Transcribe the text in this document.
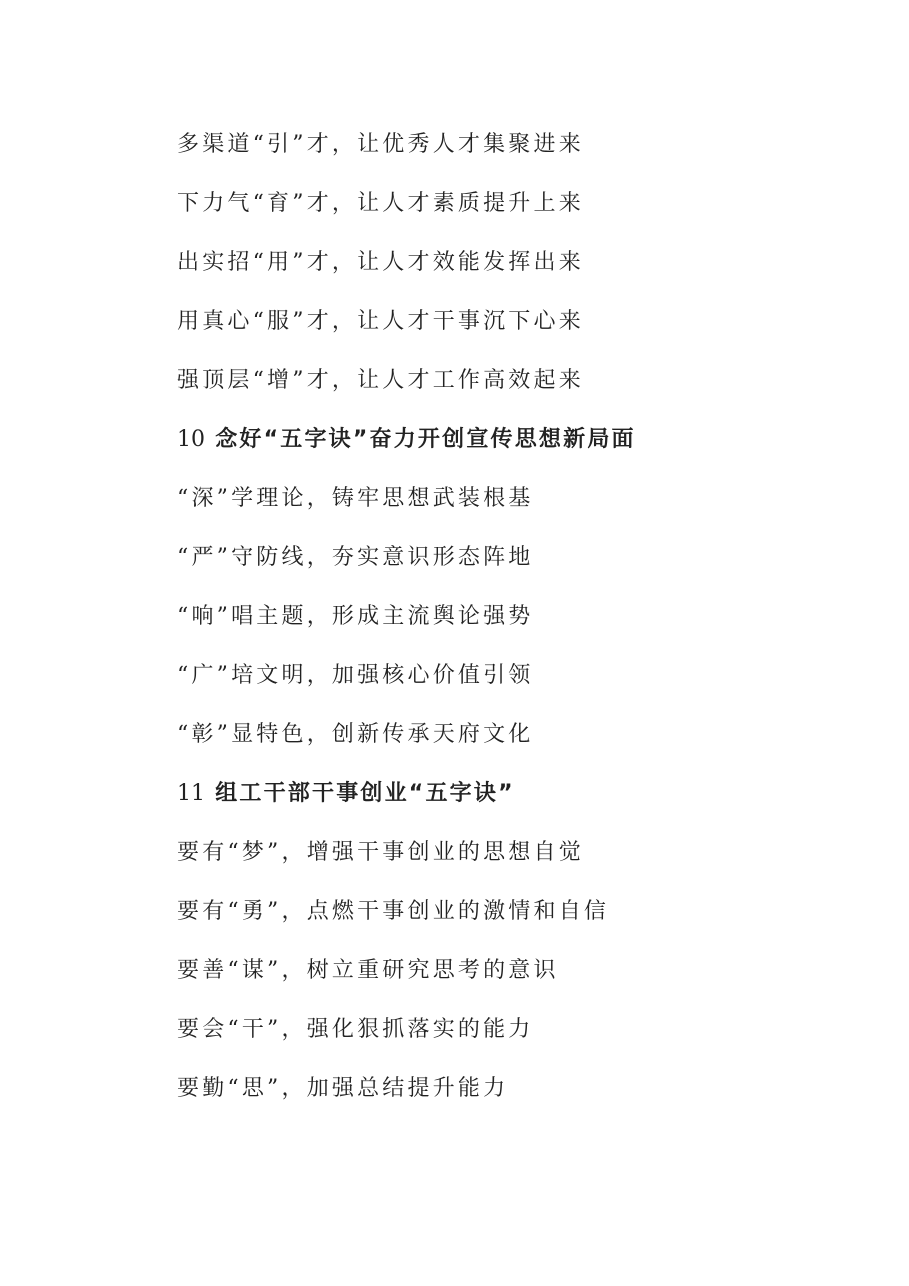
多渠道“引”才，让优秀人才集聚进来
下力气“育”才，让人才素质提升上来
出实招“用”才，让人才效能发挥出来
用真心“服”才，让人才干事沉下心来
强顶层“增”才，让人才工作高效起来
10 念好“五字诀”奋力开创宣传思想新局面
“深”学理论，铸牢思想武装根基
“严”守防线，夯实意识形态阵地
“响”唱主题，形成主流舆论强势
“广”培文明，加强核心价值引领
“彰”显特色，创新传承天府文化
11 组工干部干事创业“五字诀”
要有“梦”，增强干事创业的思想自觉
要有“勇”，点燃干事创业的激情和自信
要善“谋”，树立重研究思考的意识
要会“干”，强化狠抓落实的能力
要勤“思”，加强总结提升能力
